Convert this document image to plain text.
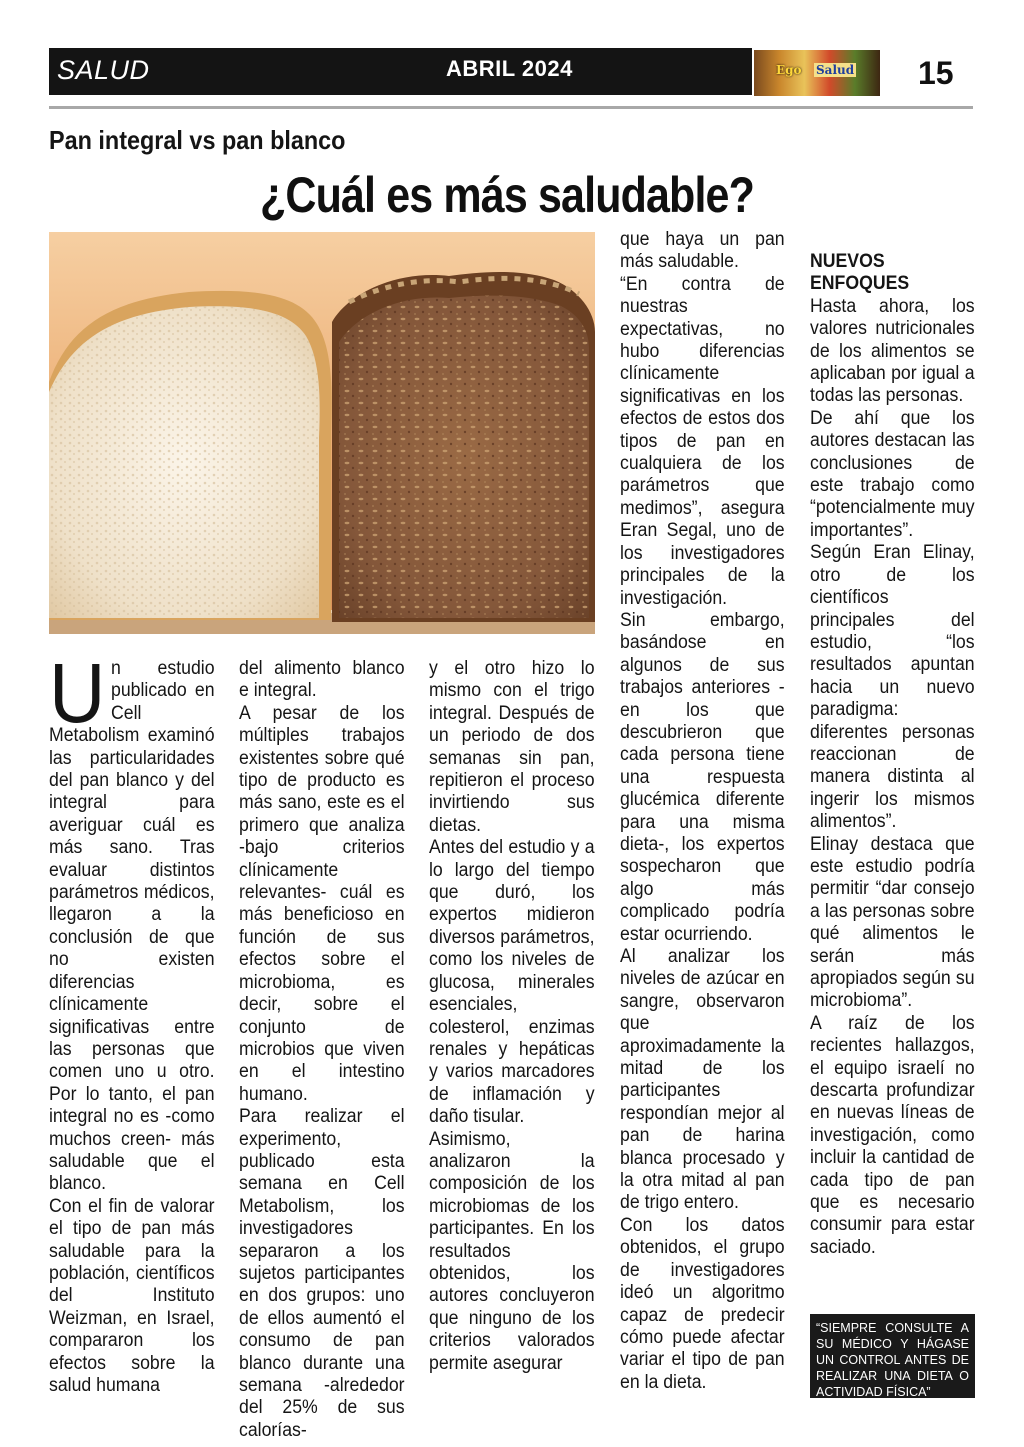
SALUD	ABRIL 2024	Ego Salud 15
Pan integral vs pan blanco
¿Cuál es más saludable?
U n estudio publicado en Cell Metabolism examinó las particularidades del pan blanco y del integral para averiguar cuál es más sano. Tras evaluar distintos parámetros médicos, llegaron a la conclusión de que no existen diferencias clínicamente significativas entre las personas que comen uno u otro. Por lo tanto, el pan integral no es -como muchos creen- más saludable que el blanco.

Con el fin de valorar el tipo de pan más saludable para la población, científicos del Instituto Weizman, en Israel, compararon los efectos sobre la salud humana

del alimento blanco e integral.

A pesar de los múltiples trabajos existentes sobre qué tipo de producto es más sano, este es el primero que analiza -bajo criterios clínicamente relevantes- cuál es más beneficioso en función de sus efectos sobre el microbioma, es decir, sobre el conjunto de microbios que viven en el intestino humano.

Para realizar el experimento, publicado esta semana en Cell Metabolism, los investigadores separaron a los sujetos participantes en dos grupos: uno de ellos aumentó el consumo de pan blanco durante una semana -alrededor del 25% de sus calorías-

y el otro hizo lo mismo con el trigo integral. Después de un periodo de dos semanas sin pan, repitieron el proceso invirtiendo sus dietas.

Antes del estudio y a lo largo del tiempo que duró, los expertos midieron diversos parámetros, como los niveles de glucosa, minerales esenciales, colesterol, enzimas renales y hepáticas y varios marcadores de inflamación y daño tisular.

Asimismo, analizaron la composición de los microbiomas de los participantes. En los resultados obtenidos, los autores concluyeron que ninguno de los criterios valorados permite asegurar

que haya un pan más saludable.

“En contra de nuestras expectativas, no hubo diferencias clínicamente significativas en los efectos de estos dos tipos de pan en cualquiera de los parámetros que medimos”, asegura Eran Segal, uno de los investigadores principales de la investigación.

Sin embargo, basándose en algunos de sus trabajos anteriores -en los que descubrieron que cada persona tiene una respuesta glucémica diferente para una misma dieta-, los expertos sospecharon que algo más complicado podría estar ocurriendo.

Al analizar los niveles de azúcar en sangre, observaron que aproximadamente la mitad de los participantes respondían mejor al pan de harina blanca procesado y la otra mitad al pan de trigo entero.

Con los datos obtenidos, el grupo de investigadores ideó un algoritmo capaz de predecir cómo puede afectar variar el tipo de pan en la dieta.

NUEVOS ENFOQUES

Hasta ahora, los valores nutricionales de los alimentos se aplicaban por igual a todas las personas.

De ahí que los autores destacan las conclusiones de este trabajo como “potencialmente muy importantes”.

Según Eran Elinay, otro de los científicos principales del estudio, “los resultados apuntan hacia un nuevo paradigma: diferentes personas reaccionan de manera distinta al ingerir los mismos alimentos”.

Elinay destaca que este estudio podría permitir “dar consejo a las personas sobre qué alimentos le serán más apropiados según su microbioma”.

A raíz de los recientes hallazgos, el equipo israelí no descarta profundizar en nuevas líneas de investigación, como incluir la cantidad de cada tipo de pan que es necesario consumir para estar saciado.

“SIEMPRE CONSULTE A SU MÉDICO Y HÁGASE UN CONTROL ANTES DE REALIZAR UNA DIETA O ACTIVIDAD FÍSICA”
